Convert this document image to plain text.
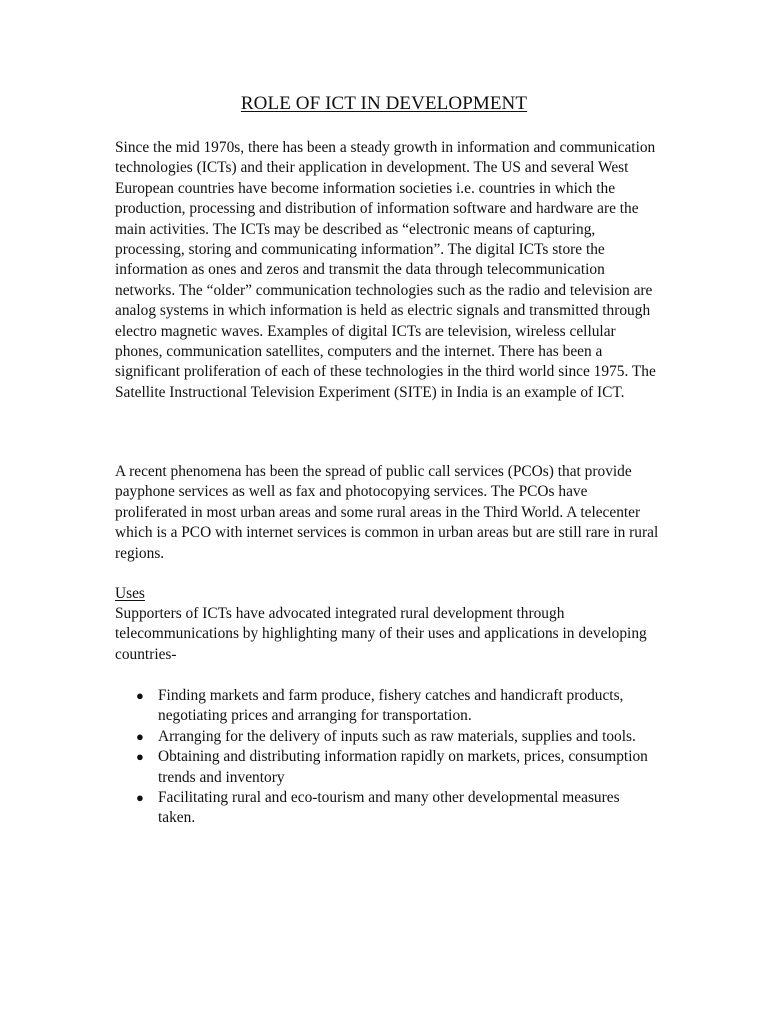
ROLE OF ICT IN DEVELOPMENT

Since the mid 1970s, there has been a steady growth in information and communication technologies (ICTs) and their application in development. The US and several West European countries have become information societies i.e. countries in which the production, processing and distribution of information software and hardware are the main activities. The ICTs may be described as “electronic means of capturing, processing, storing and communicating information”. The digital ICTs store the information as ones and zeros and transmit the data through telecommunication networks. The “older” communication technologies such as the radio and television are analog systems in which information is held as electric signals and transmitted through electro magnetic waves. Examples of digital ICTs are television, wireless cellular phones, communication satellites, computers and the internet. There has been a significant proliferation of each of these technologies in the third world since 1975. The Satellite Instructional Television Experiment (SITE) in India is an example of ICT.

A recent phenomena has been the spread of public call services (PCOs) that provide payphone services as well as fax and photocopying services. The PCOs have proliferated in most urban areas and some rural areas in the Third World. A telecenter which is a PCO with internet services is common in urban areas but are still rare in rural regions.

Uses

Supporters of ICTs have advocated integrated rural development through telecommunications by highlighting many of their uses and applications in developing countries-

● Finding markets and farm produce, fishery catches and handicraft products, negotiating prices and arranging for transportation.
● Arranging for the delivery of inputs such as raw materials, supplies and tools.
● Obtaining and distributing information rapidly on markets, prices, consumption trends and inventory
● Facilitating rural and eco-tourism and many other developmental measures taken.
